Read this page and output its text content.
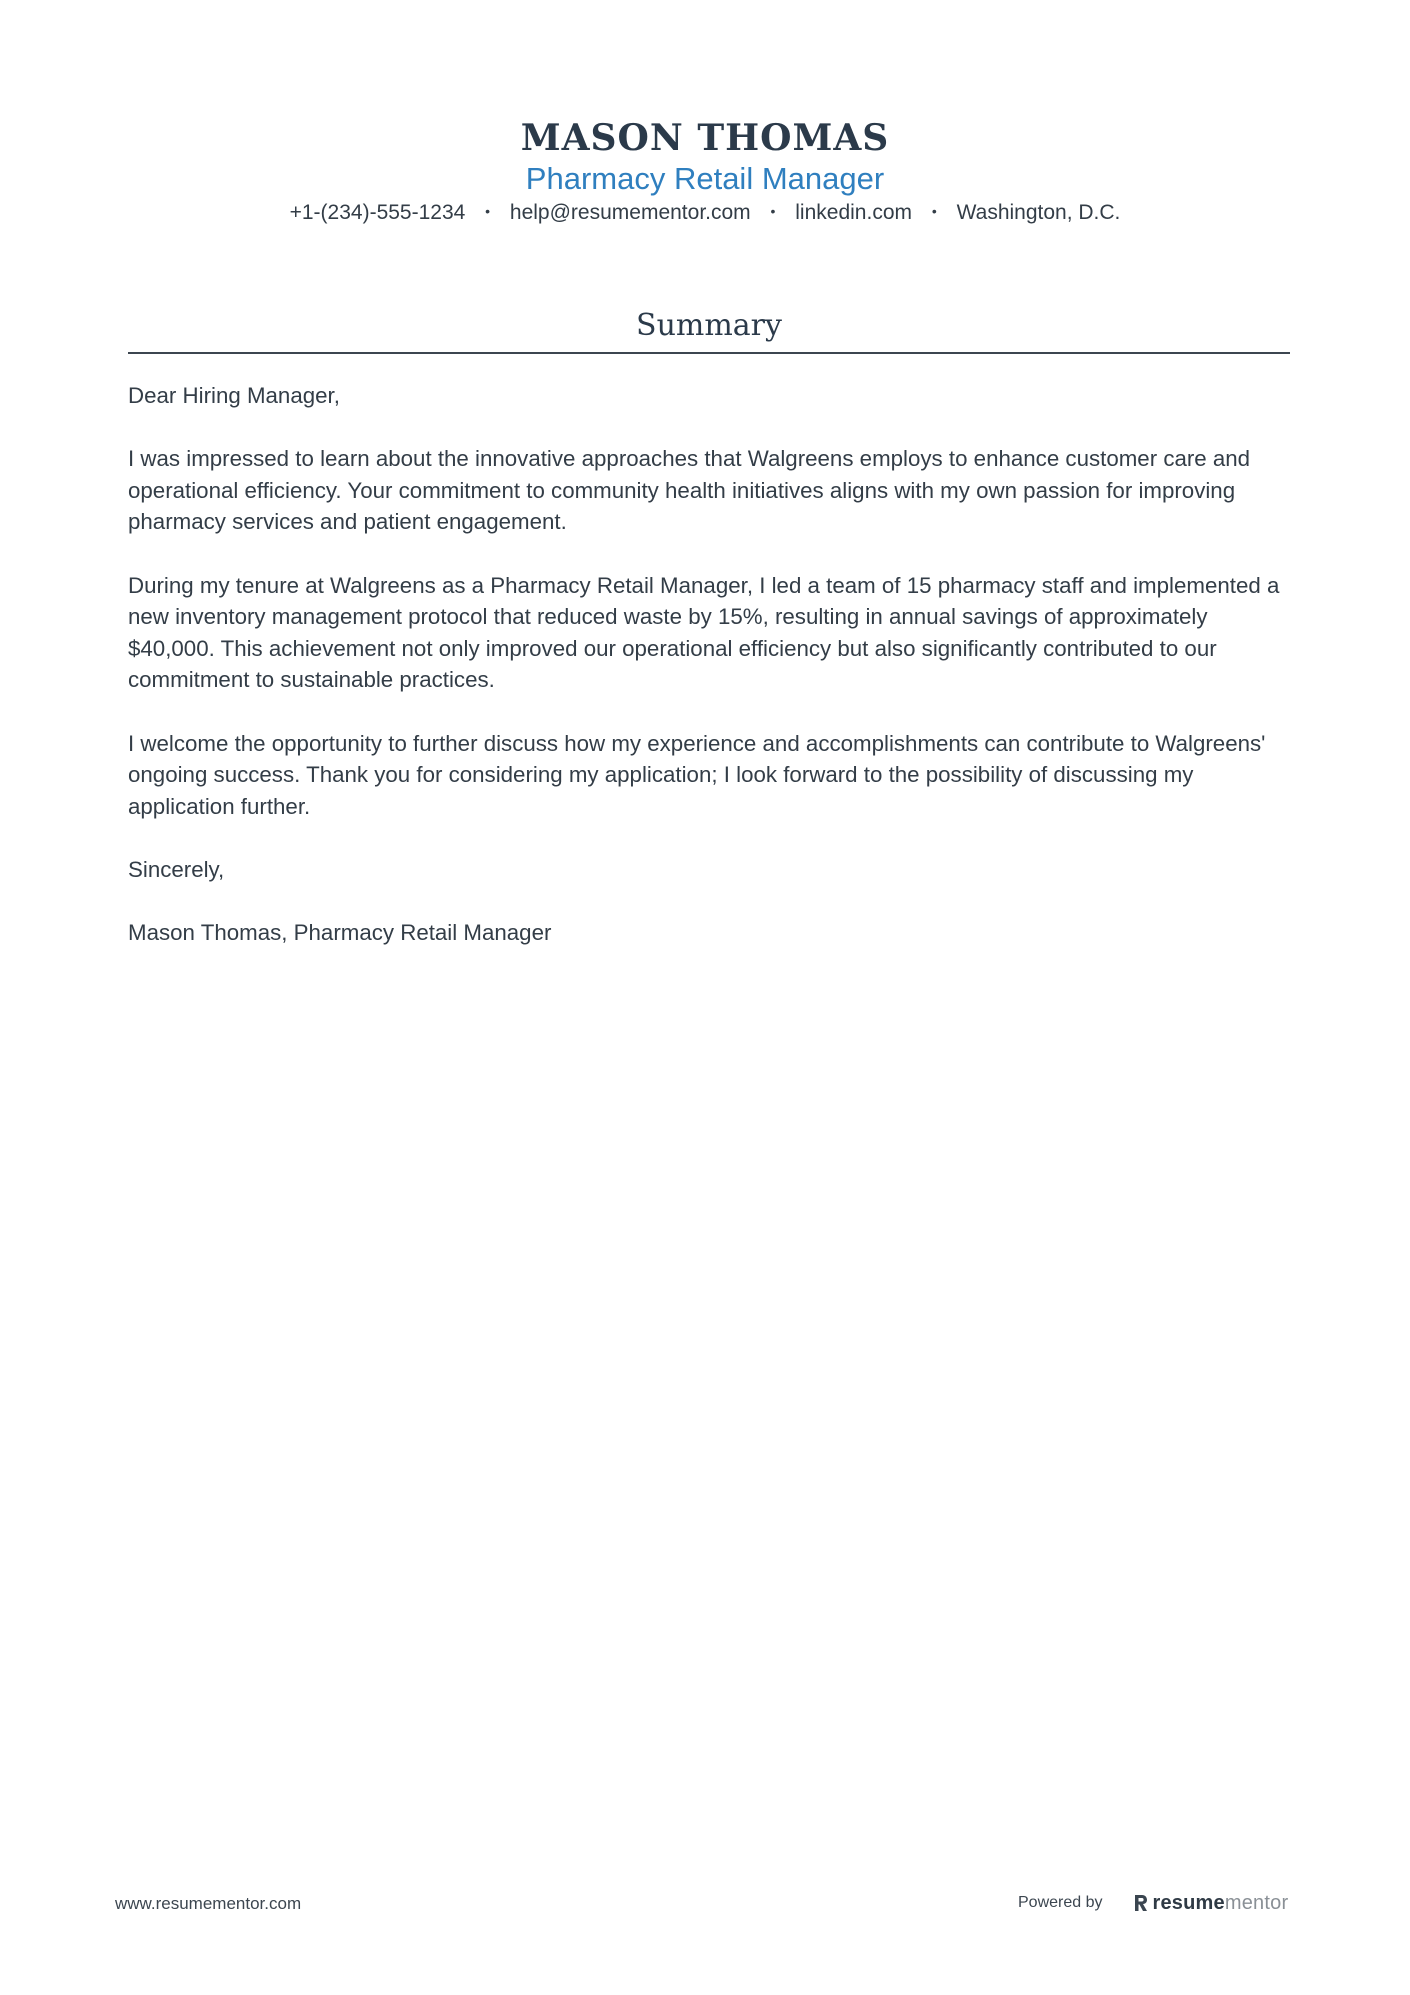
MASON THOMAS
Pharmacy Retail Manager
+1-(234)-555-1234 • help@resumementor.com • linkedin.com • Washington, D.C.
Summary

Dear Hiring Manager,

I was impressed to learn about the innovative approaches that Walgreens employs to enhance customer care and operational efficiency. Your commitment to community health initiatives aligns with my own passion for improving pharmacy services and patient engagement.

During my tenure at Walgreens as a Pharmacy Retail Manager, I led a team of 15 pharmacy staff and implemented a new inventory management protocol that reduced waste by 15%, resulting in annual savings of approximately $40,000. This achievement not only improved our operational efficiency but also significantly contributed to our commitment to sustainable practices.

I welcome the opportunity to further discuss how my experience and accomplishments can contribute to Walgreens' ongoing success. Thank you for considering my application; I look forward to the possibility of discussing my application further.

Sincerely,

Mason Thomas, Pharmacy Retail Manager

www.resumementor.com	Powered by	resume mentor
